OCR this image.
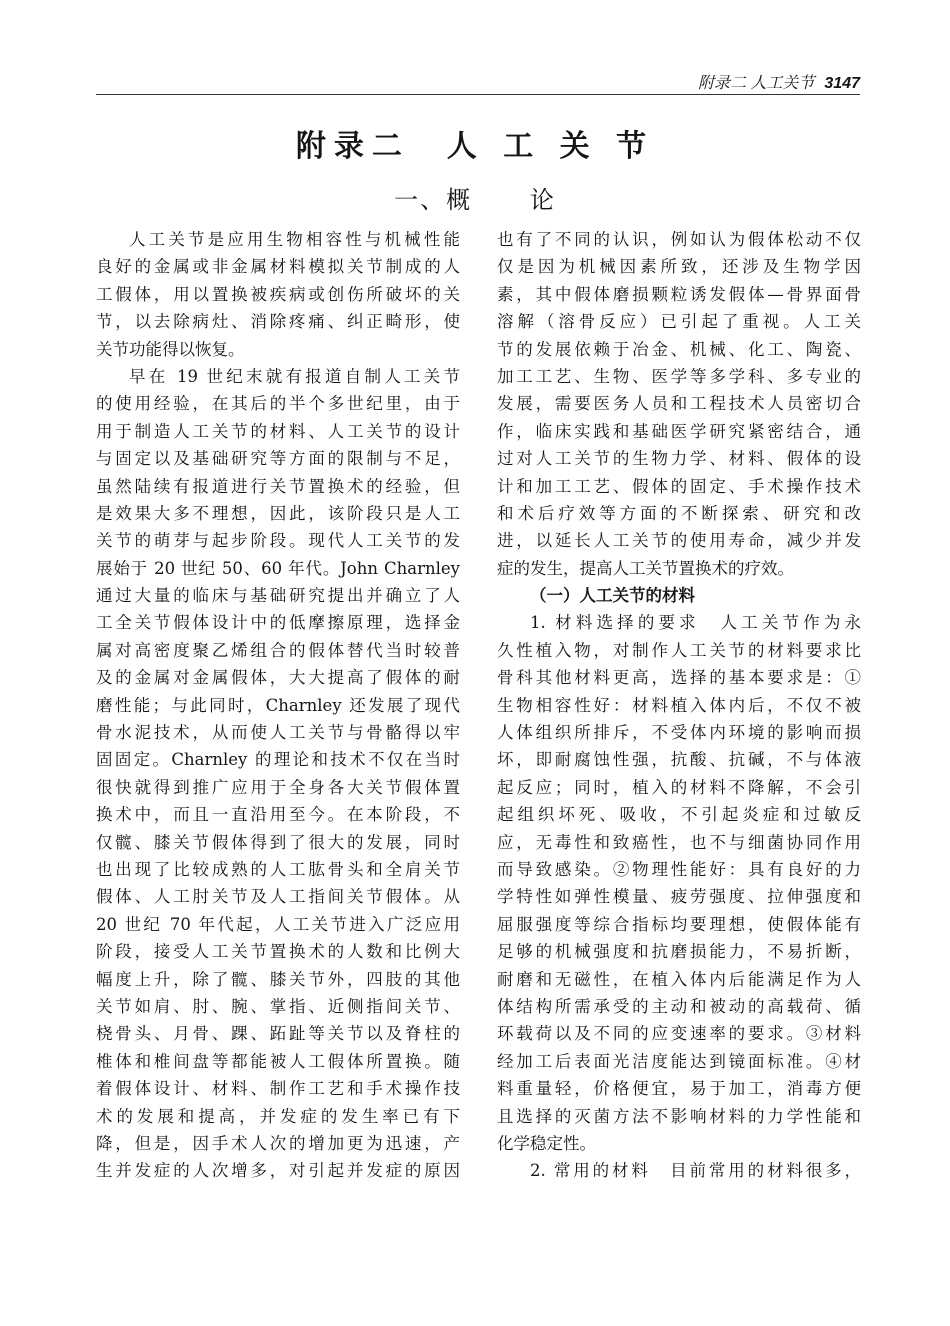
附录二 人工关节 3147
附录二  人 工 关 节
一、概      论
人工关节是应用生物相容性与机械性能
良好的金属或非金属材料模拟关节制成的人
工假体，用以置换被疾病或创伤所破坏的关
节，以去除病灶、消除疼痛、纠正畸形，使
关节功能得以恢复。
早在 19 世纪末就有报道自制人工关节
的使用经验，在其后的半个多世纪里，由于
用于制造人工关节的材料、人工关节的设计
与固定以及基础研究等方面的限制与不足，
虽然陆续有报道进行关节置换术的经验，但
是效果大多不理想，因此，该阶段只是人工
关节的萌芽与起步阶段。现代人工关节的发
展始于 20 世纪 50、60 年代。John Charnley
通过大量的临床与基础研究提出并确立了人
工全关节假体设计中的低摩擦原理，选择金
属对高密度聚乙烯组合的假体替代当时较普
及的金属对金属假体，大大提高了假体的耐
磨性能；与此同时，Charnley 还发展了现代
骨水泥技术，从而使人工关节与骨骼得以牢
固固定。Charnley 的理论和技术不仅在当时
很快就得到推广应用于全身各大关节假体置
换术中，而且一直沿用至今。在本阶段，不
仅髋、膝关节假体得到了很大的发展，同时
也出现了比较成熟的人工肱骨头和全肩关节
假体、人工肘关节及人工指间关节假体。从
20 世纪 70 年代起，人工关节进入广泛应用
阶段，接受人工关节置换术的人数和比例大
幅度上升，除了髋、膝关节外，四肢的其他
关节如肩、肘、腕、掌指、近侧指间关节、
桡骨头、月骨、踝、跖趾等关节以及脊柱的
椎体和椎间盘等都能被人工假体所置换。随
着假体设计、材料、制作工艺和手术操作技
术的发展和提高，并发症的发生率已有下
降，但是，因手术人次的增加更为迅速，产
生并发症的人次增多，对引起并发症的原因
也有了不同的认识，例如认为假体松动不仅
仅是因为机械因素所致，还涉及生物学因
素，其中假体磨损颗粒诱发假体—骨界面骨
溶解（溶骨反应）已引起了重视。人工关
节的发展依赖于冶金、机械、化工、陶瓷、
加工工艺、生物、医学等多学科、多专业的
发展，需要医务人员和工程技术人员密切合
作，临床实践和基础医学研究紧密结合，通
过对人工关节的生物力学、材料、假体的设
计和加工工艺、假体的固定、手术操作技术
和术后疗效等方面的不断探索、研究和改
进，以延长人工关节的使用寿命，减少并发
症的发生，提高人工关节置换术的疗效。
（一）人工关节的材料
1. 材料选择的要求　人工关节作为永
久性植入物，对制作人工关节的材料要求比
骨科其他材料更高，选择的基本要求是：①
生物相容性好：材料植入体内后，不仅不被
人体组织所排斥，不受体内环境的影响而损
坏，即耐腐蚀性强，抗酸、抗碱，不与体液
起反应；同时，植入的材料不降解，不会引
起组织坏死、吸收，不引起炎症和过敏反
应，无毒性和致癌性，也不与细菌协同作用
而导致感染。②物理性能好：具有良好的力
学特性如弹性模量、疲劳强度、拉伸强度和
屈服强度等综合指标均要理想，使假体能有
足够的机械强度和抗磨损能力，不易折断，
耐磨和无磁性，在植入体内后能满足作为人
体结构所需承受的主动和被动的高载荷、循
环载荷以及不同的应变速率的要求。③材料
经加工后表面光洁度能达到镜面标准。④材
料重量轻，价格便宜，易于加工，消毒方便
且选择的灭菌方法不影响材料的力学性能和
化学稳定性。
2. 常用的材料　目前常用的材料很多，
